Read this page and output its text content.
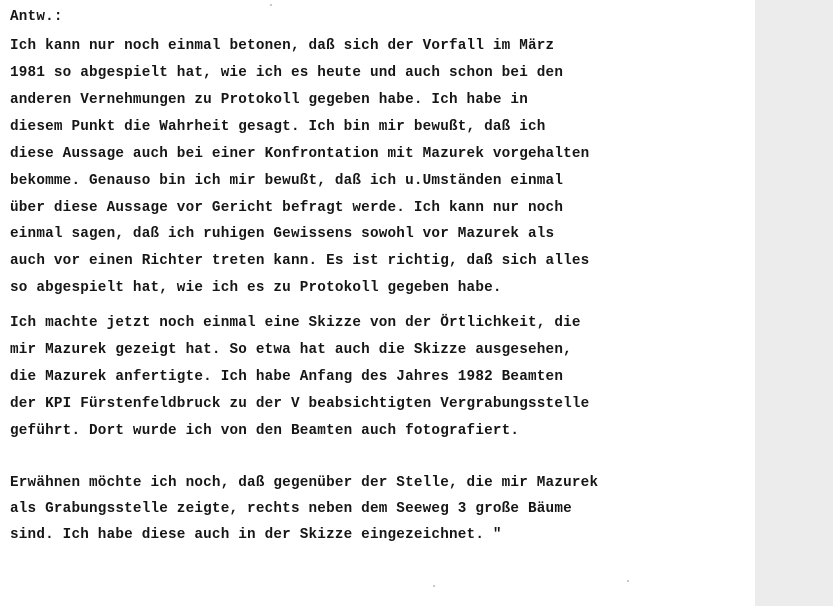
Antw.:

Ich kann nur noch einmal betonen, daß sich der Vorfall im März

1981 so abgespielt hat, wie ich es heute und auch schon bei den

anderen Vernehmungen zu Protokoll gegeben habe. Ich habe in

diesem Punkt die Wahrheit gesagt. Ich bin mir bewußt, daß ich

diese Aussage auch bei einer Konfrontation mit Mazurek vorgehalten

bekomme. Genauso bin ich mir bewußt, daß ich u.Umständen einmal

über diese Aussage vor Gericht befragt werde. Ich kann nur noch

einmal sagen, daß ich ruhigen Gewissens sowohl vor Mazurek als

auch vor einen Richter treten kann. Es ist richtig, daß sich alles

so abgespielt hat, wie ich es zu Protokoll gegeben habe.

Ich machte jetzt noch einmal eine Skizze von der Örtlichkeit, die

mir Mazurek gezeigt hat. So etwa hat auch die Skizze ausgesehen,

die Mazurek anfertigte. Ich habe Anfang des Jahres 1982 Beamten

der KPI Fürstenfeldbruck zu der V beabsichtigten Vergrabungsstelle

geführt. Dort wurde ich von den Beamten auch fotografiert.

Erwähnen möchte ich noch, daß gegenüber der Stelle, die mir Mazurek

als Grabungsstelle zeigte, rechts neben dem Seeweg 3 große Bäume

sind. Ich habe diese auch in der Skizze eingezeichnet. "
